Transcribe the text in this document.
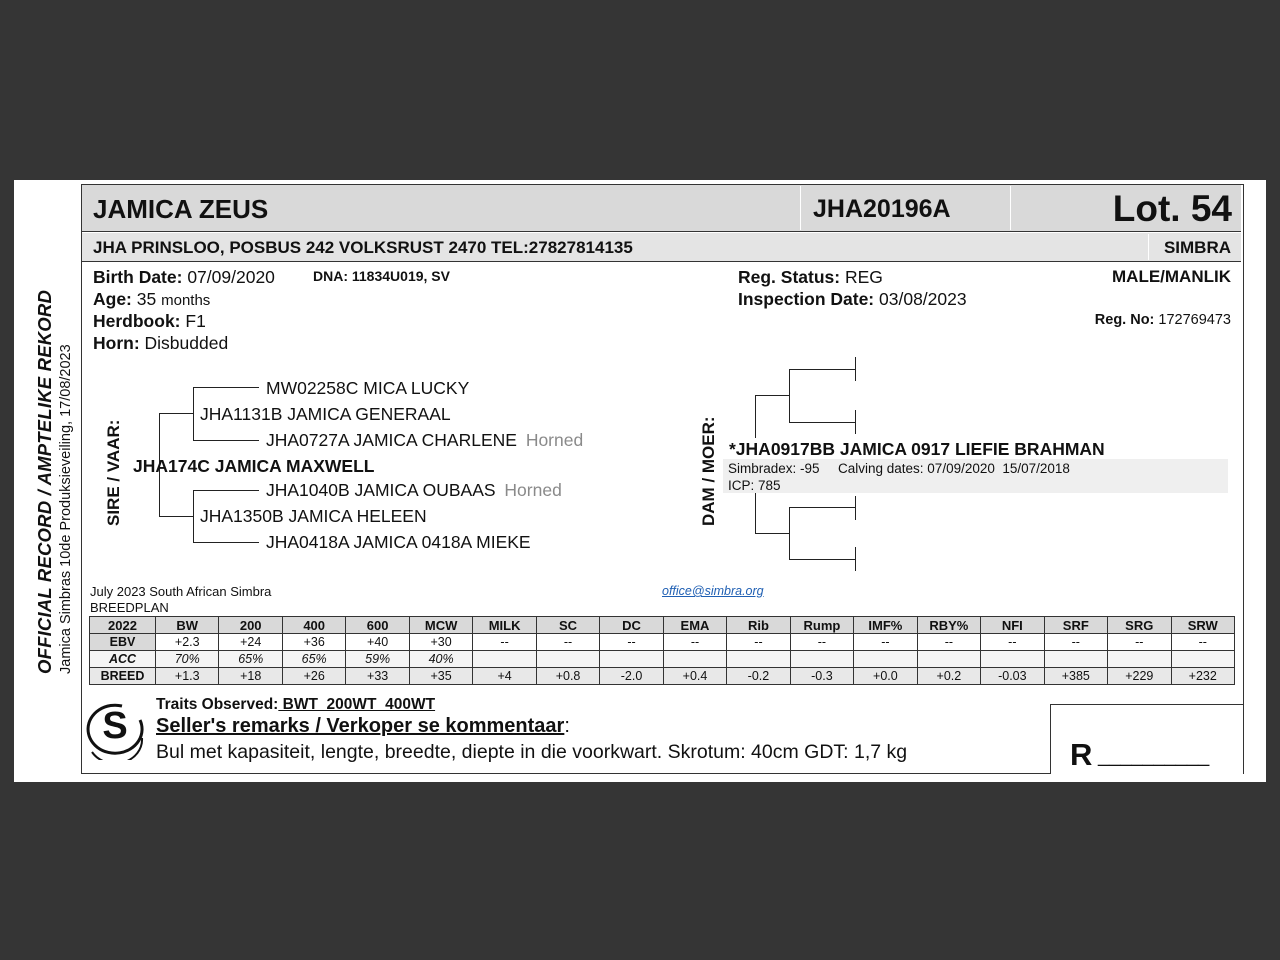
OFFICIAL RECORD / AMPTELIKE REKORD Jamica Simbras 10de Produksieveiling, 17/08/2023
JAMICA ZEUS	JHA20196A	Lot. 54
JHA PRINSLOO, POSBUS 242 VOLKSRUST 2470 TEL:27827814135	SIMBRA
Birth Date: 07/09/2020	DNA: 11834U019, SV
Age: 35 months
Herdbook: F1
Horn: Disbudded
Reg. Status: REG
Inspection Date: 03/08/2023
MALE/MANLIK
Reg. No: 172769473
SIRE / VAAR:
MW02258C MICA LUCKY
JHA1131B JAMICA GENERAAL
JHA0727A JAMICA CHARLENE Horned
JHA174C JAMICA MAXWELL
JHA1040B JAMICA OUBAAS Horned
JHA1350B JAMICA HELEEN
JHA0418A JAMICA 0418A MIEKE
DAM / MOER: *JHA0917BB JAMICA 0917 LIEFIE BRAHMAN
Simbradex: -95 Calving dates: 07/09/2020  15/07/2018
ICP: 785
July 2023 South African Simbra
BREEDPLAN
office@simbra.org
2022	BW	200	400	600	MCW	MILK	SC	DC	EMA	Rib	Rump	IMF%	RBY%	NFI	SRF	SRG	SRW
EBV	+2.3	+24	+36	+40	+30	--	--	--	--	--	--	--	--	--	--	--	--
ACC	70%	65%	65%	59%	40%												
BREED	+1.3	+18	+26	+33	+35	+4	+0.8	-2.0	+0.4	-0.2	-0.3	+0.0	+0.2	-0.03	+385	+229	+232
Traits Observed: BWT  200WT  400WT
Seller's remarks / Verkoper se kommentaar:
Bul met kapasiteit, lengte, breedte, diepte in die voorkwart. Skrotum: 40cm GDT: 1,7 kg
S
R __________
